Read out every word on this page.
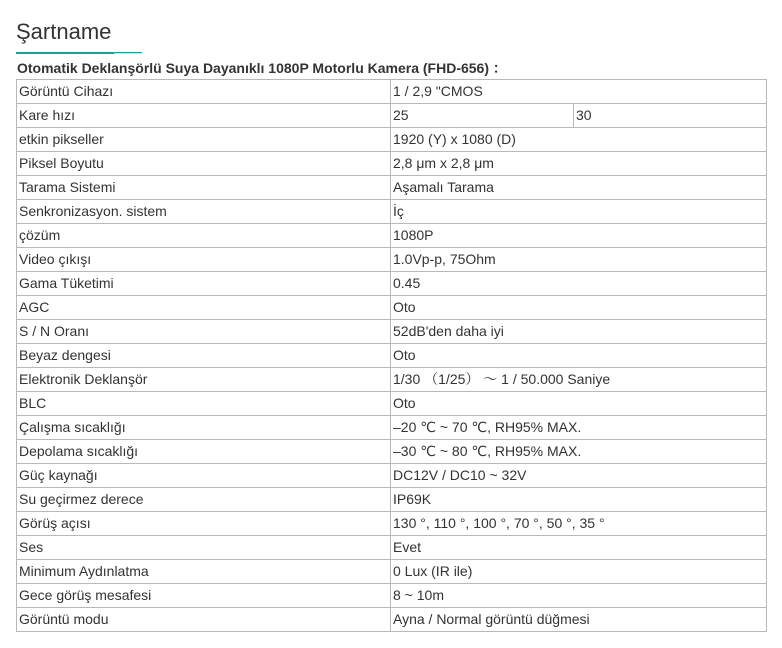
Şartname
Otomatik Deklanşörlü Suya Dayanıklı 1080P Motorlu Kamera (FHD-656) ：
Görüntü Cihazı	1 / 2,9 "CMOS	
Kare hızı	25	30
etkin pikseller	1920 (Y) x 1080 (D)	
Piksel Boyutu	2,8 μm x 2,8 μm	
Tarama Sistemi	Aşamalı Tarama	
Senkronizasyon. sistem	İç	
çözüm	1080P	
Video çıkışı	1.0Vp-p, 75Ohm	
Gama Tüketimi	0.45	
AGC	Oto	
S / N Oranı	52dB'den daha iyi	
Beyaz dengesi	Oto	
Elektronik Deklanşör	1/30 （1/25） ～ 1 / 50.000 Saniye	
BLC	Oto	
Çalışma sıcaklığı	–20 ℃ ~ 70 ℃, RH95% MAX.	
Depolama sıcaklığı	–30 ℃ ~ 80 ℃, RH95% MAX.	
Güç kaynağı	DC12V / DC10 ~ 32V	
Su geçirmez derece	IP69K	
Görüş açısı	130 °, 110 °, 100 °, 70 °, 50 °, 35 °	
Ses	Evet	
Minimum Aydınlatma	0 Lux (IR ile)	
Gece görüş mesafesi	8 ~ 10m	
Görüntü modu	Ayna / Normal görüntü düğmesi	
